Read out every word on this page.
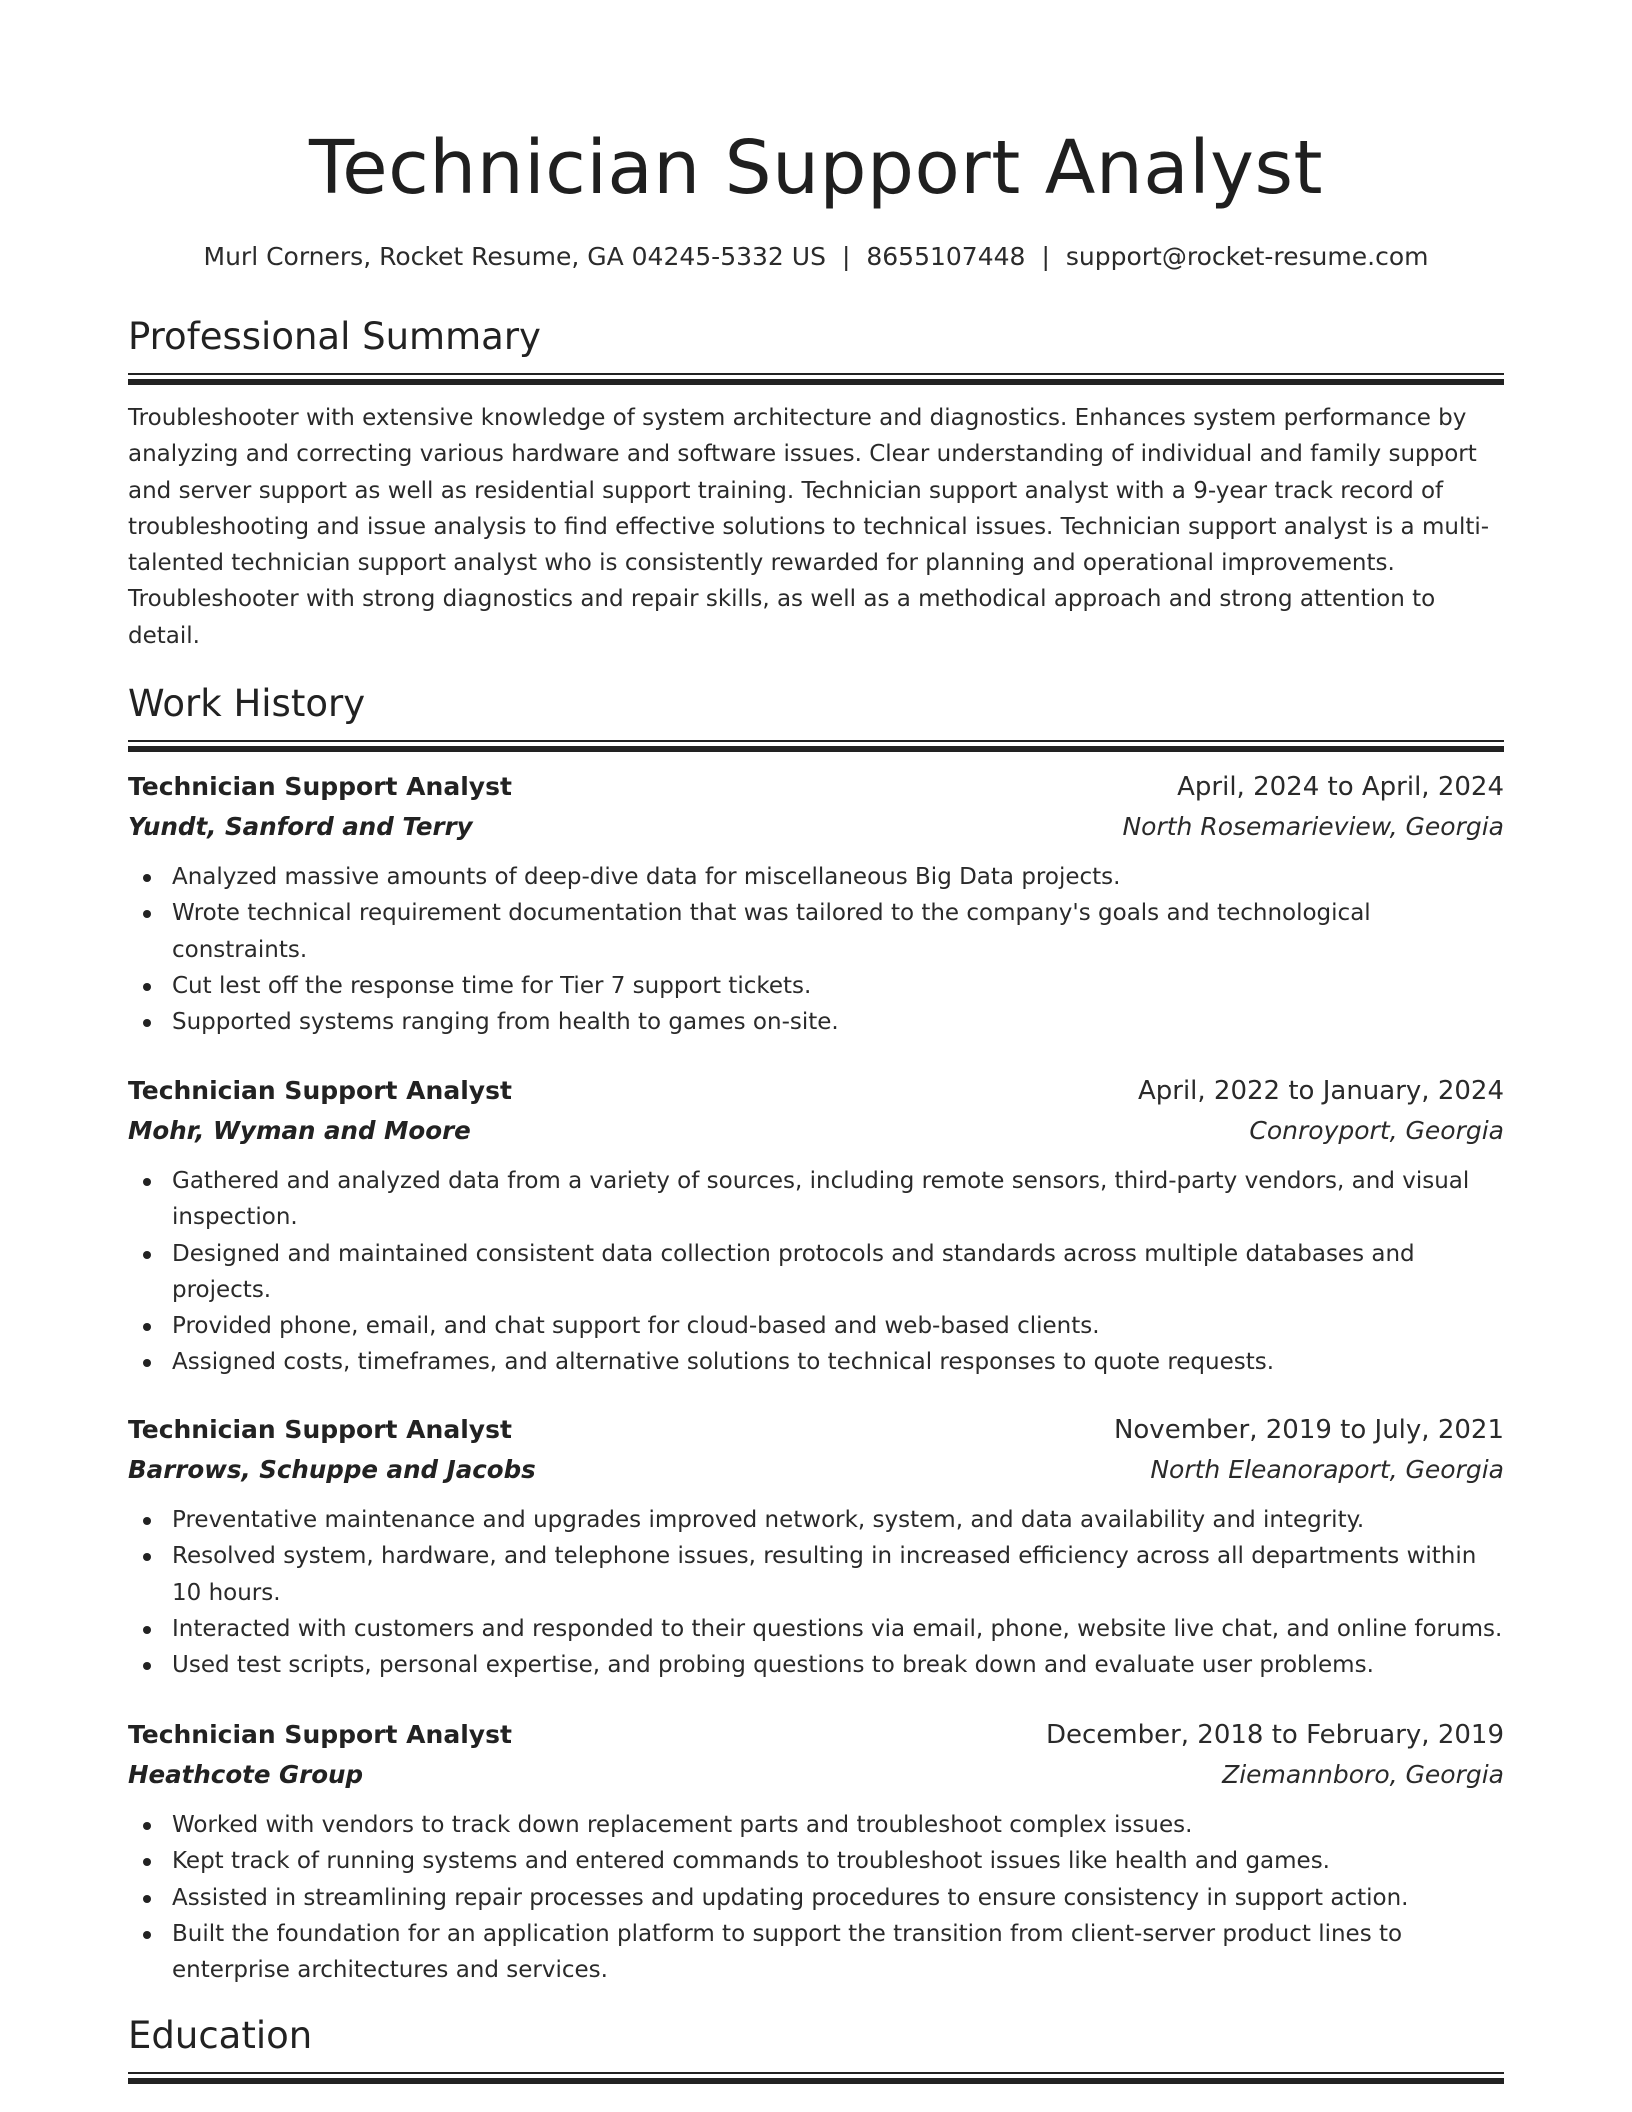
Technician Support Analyst
Murl Corners, Rocket Resume, GA 04245-5332 US | 8655107448 | support@rocket-resume.com
Professional Summary
Troubleshooter with extensive knowledge of system architecture and diagnostics. Enhances system performance by analyzing and correcting various hardware and software issues. Clear understanding of individual and family support and server support as well as residential support training. Technician support analyst with a 9-year track record of troubleshooting and issue analysis to find effective solutions to technical issues. Technician support analyst is a multi-talented technician support analyst who is consistently rewarded for planning and operational improvements. Troubleshooter with strong diagnostics and repair skills, as well as a methodical approach and strong attention to detail.
Work History
Technician Support Analyst	April, 2024 to April, 2024
Yundt, Sanford and Terry	North Rosemarieview, Georgia
Analyzed massive amounts of deep-dive data for miscellaneous Big Data projects.
Wrote technical requirement documentation that was tailored to the company's goals and technological constraints.
Cut lest off the response time for Tier 7 support tickets.
Supported systems ranging from health to games on-site.
Technician Support Analyst	April, 2022 to January, 2024
Mohr, Wyman and Moore	Conroyport, Georgia
Gathered and analyzed data from a variety of sources, including remote sensors, third-party vendors, and visual inspection.
Designed and maintained consistent data collection protocols and standards across multiple databases and projects.
Provided phone, email, and chat support for cloud-based and web-based clients.
Assigned costs, timeframes, and alternative solutions to technical responses to quote requests.
Technician Support Analyst	November, 2019 to July, 2021
Barrows, Schuppe and Jacobs	North Eleanoraport, Georgia
Preventative maintenance and upgrades improved network, system, and data availability and integrity.
Resolved system, hardware, and telephone issues, resulting in increased efficiency across all departments within 10 hours.
Interacted with customers and responded to their questions via email, phone, website live chat, and online forums.
Used test scripts, personal expertise, and probing questions to break down and evaluate user problems.
Technician Support Analyst	December, 2018 to February, 2019
Heathcote Group	Ziemannboro, Georgia
Worked with vendors to track down replacement parts and troubleshoot complex issues.
Kept track of running systems and entered commands to troubleshoot issues like health and games.
Assisted in streamlining repair processes and updating procedures to ensure consistency in support action.
Built the foundation for an application platform to support the transition from client-server product lines to enterprise architectures and services.
Education
